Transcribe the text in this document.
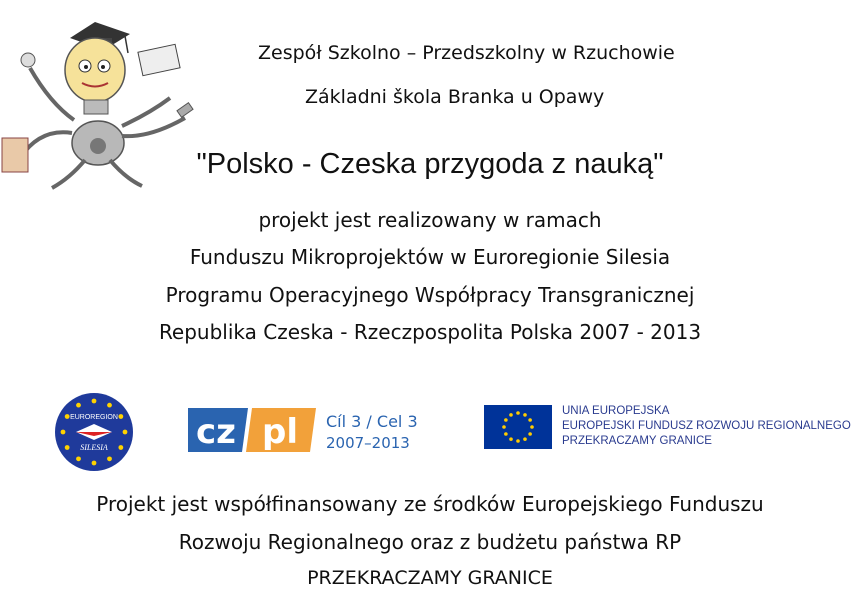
Zespół Szkolno – Przedszkolny w Rzuchowie
Základni škola Branka u Opawy
"Polsko - Czeska przygoda z nauką"
projekt jest realizowany w ramach
Funduszu Mikroprojektów w Euroregionie Silesia
Programu Operacyjnego Współpracy Transgranicznej
Republika Czeska - Rzeczpospolita Polska 2007 - 2013
EUROREGION
SILESIA	cz pl Cíl 3 / Cel 3
2007–2013
UNIA EUROPEJSKA
EUROPEJSKI FUNDUSZ ROZWOJU REGIONALNEGO
PRZEKRACZAMY GRANICE
Projekt jest współfinansowany ze środków Europejskiego Funduszu
Rozwoju Regionalnego oraz z budżetu państwa RP
PRZEKRACZAMY GRANICE
